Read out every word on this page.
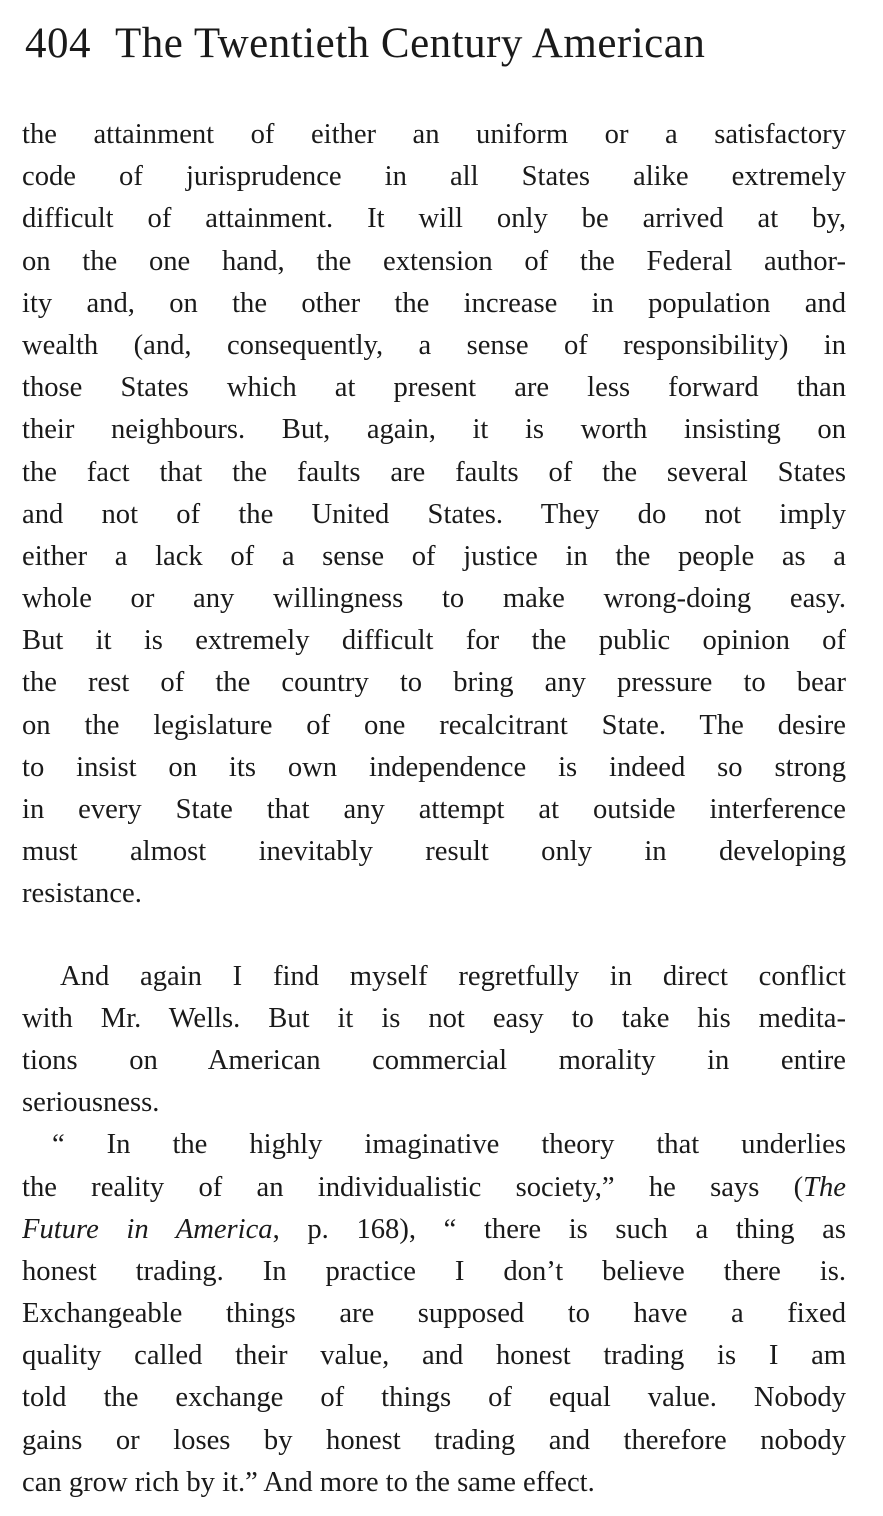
404 The Twentieth Century American
the attainment of either an uniform or a satisfactory
code of jurisprudence in all States alike extremely
difficult of attainment. It will only be arrived at by,
on the one hand, the extension of the Federal author-
ity and, on the other the increase in population and
wealth (and, consequently, a sense of responsibility) in
those States which at present are less forward than
their neighbours. But, again, it is worth insisting on
the fact that the faults are faults of the several States
and not of the United States. They do not imply
either a lack of a sense of justice in the people as a
whole or any willingness to make wrong-doing easy.
But it is extremely difficult for the public opinion of
the rest of the country to bring any pressure to bear
on the legislature of one recalcitrant State. The desire
to insist on its own independence is indeed so strong
in every State that any attempt at outside interference
must almost inevitably result only in developing
resistance.
And again I find myself regretfully in direct conflict
with Mr. Wells. But it is not easy to take his medita-
tions on American commercial morality in entire
seriousness.
“ In the highly imaginative theory that underlies
the reality of an individualistic society,” he says (The
Future in America, p. 168), “ there is such a thing as
honest trading. In practice I don’t believe there is.
Exchangeable things are supposed to have a fixed
quality called their value, and honest trading is I am
told the exchange of things of equal value. Nobody
gains or loses by honest trading and therefore nobody
can grow rich by it.” And more to the same effect.
